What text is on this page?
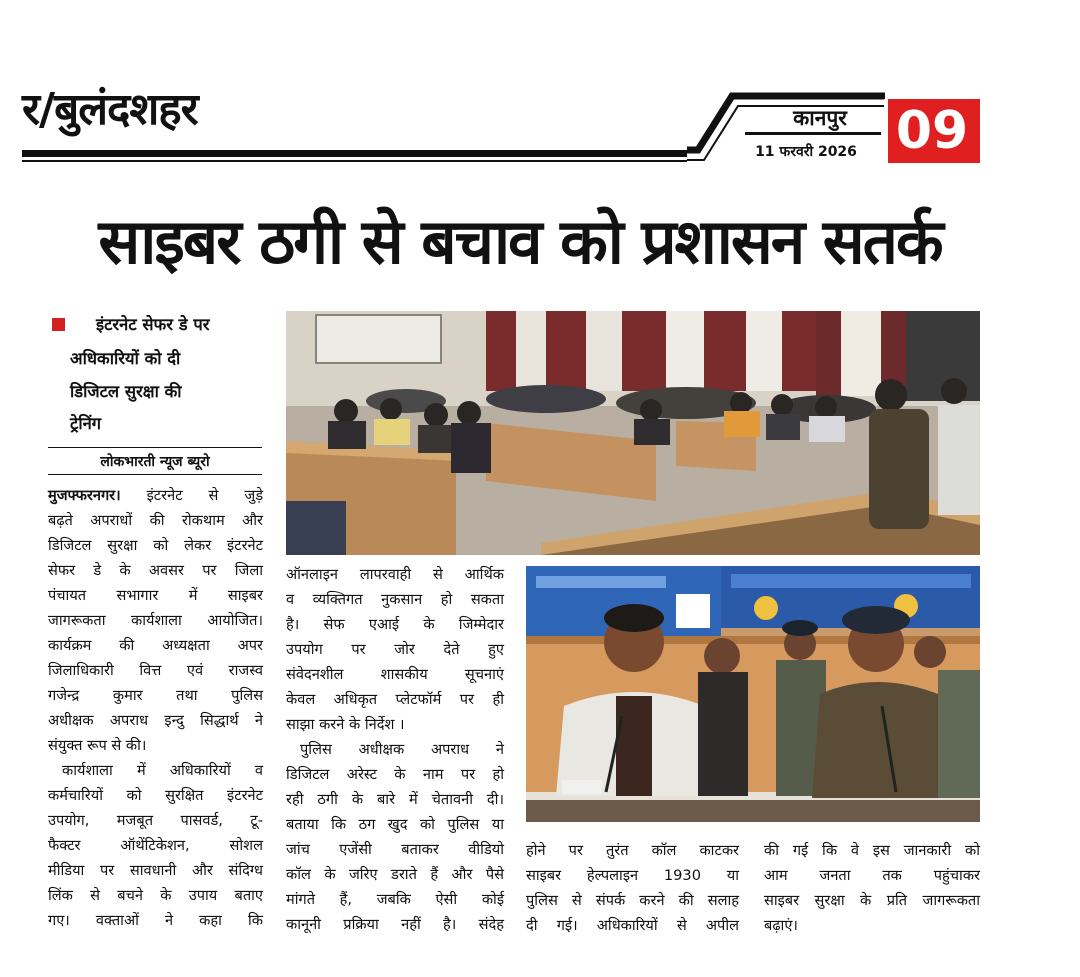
र/बुलंदशहर	कानपुर
11 फरवरी 2026 09
साइबर ठगी से बचाव को प्रशासन सतर्क
इंटरनेट सेफर डे पर
अधिकारियों को दी
डिजिटल सुरक्षा की
ट्रेनिंग
लोकभारती न्यूज ब्यूरो

मुजफ्फरनगर। इंटरनेट से जुड़े

बढ़ते अपराधों की रोकथाम और

डिजिटल सुरक्षा को लेकर इंटरनेट

सेफर डे के अवसर पर जिला

पंचायत सभागार में साइबर

जागरूकता कार्यशाला आयोजित।

कार्यक्रम की अध्यक्षता अपर

जिलाधिकारी वित्त एवं राजस्व

गजेन्द्र कुमार तथा पुलिस

अधीक्षक अपराध इन्दु सिद्धार्थ ने

संयुक्त रूप से की।

कार्यशाला में अधिकारियों व

कर्मचारियों को सुरक्षित इंटरनेट

उपयोग, मजबूत पासवर्ड, टू-

फैक्टर ऑथेंटिकेशन, सोशल

मीडिया पर सावधानी और संदिग्ध

लिंक से बचने के उपाय बताए

गए। वक्ताओं ने कहा कि

ऑनलाइन लापरवाही से आर्थिक

व व्यक्तिगत नुकसान हो सकता

है। सेफ एआई के जिम्मेदार

उपयोग पर जोर देते हुए

संवेदनशील शासकीय सूचनाएं

केवल अधिकृत प्लेटफॉर्म पर ही

साझा करने के निर्देश ।

पुलिस अधीक्षक अपराध ने

डिजिटल अरेस्ट के नाम पर हो

रही ठगी के बारे में चेतावनी दी।

बताया कि ठग खुद को पुलिस या

जांच एजेंसी बताकर वीडियो

कॉल के जरिए डराते हैं और पैसे

मांगते हैं, जबकि ऐसी कोई

कानूनी प्रक्रिया नहीं है। संदेह

होने पर तुरंत कॉल काटकर

साइबर हेल्पलाइन 1930 या

पुलिस से संपर्क करने की सलाह

दी गई। अधिकारियों से अपील

की गई कि वे इस जानकारी को

आम जनता तक पहुंचाकर

साइबर सुरक्षा के प्रति जागरूकता

बढ़ाएं।
